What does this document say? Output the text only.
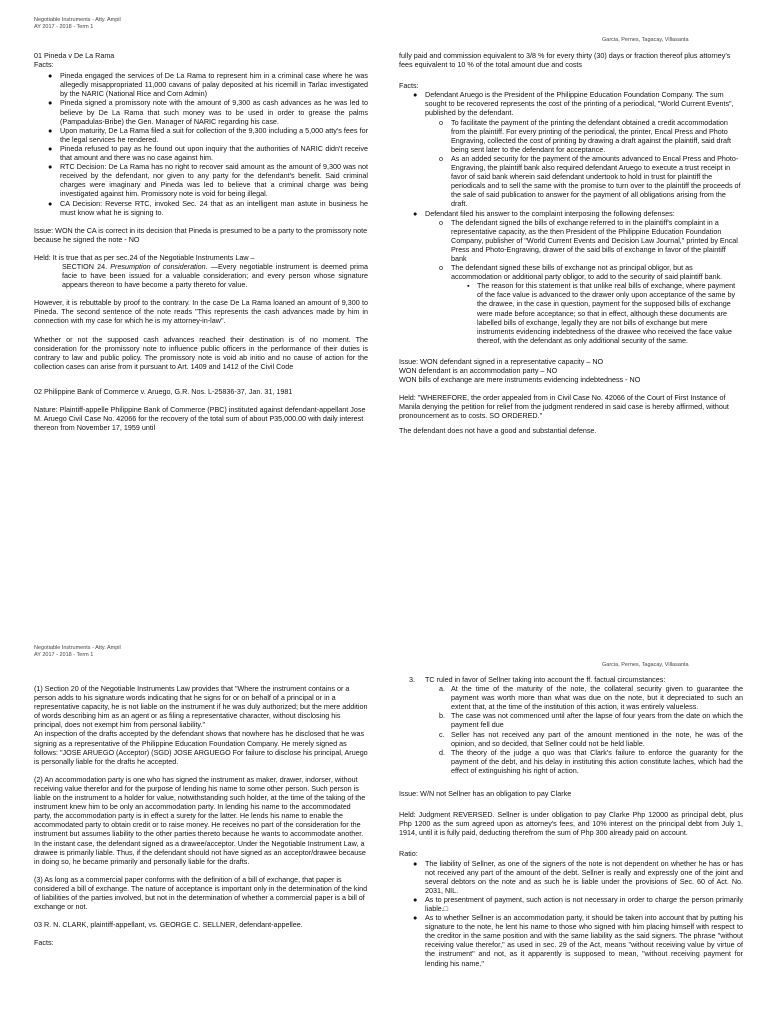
Negotiable Instruments - Atty. Ampil
AY 2017 - 2018 - Term 1
Garcia, Pernes, Tagacay, Villasanta

01 Pineda v De La Rama

Facts:

● Pineda engaged the services of De La Rama to represent him in a criminal case where he was allegedly misappropriated 11,000 cavans of palay deposited at his ricemill in Tarlac investigated by the NARIC (National Rice and Corn Admin)
● Pineda signed a promissory note with the amount of 9,300 as cash advances as he was led to believe by De La Rama that such money was to be used in order to grease the palms (Pampadulas-Bribe) the Gen. Manager of NARIC regarding his case.
● Upon maturity, De La Rama filed a suit for collection of the 9,300 including a 5,000 atty's fees for the legal services he rendered.
● Pineda refused to pay as he found out upon inquiry that the authorities of NARIC didn't receive that amount and there was no case against him.
● RTC Decision: De La Rama has no right to recover said amount as the amount of 9,300 was not received by the defendant, nor given to any party for the defendant's benefit. Said criminal charges were imaginary and Pineda was led to believe that a criminal charge was being investigated against him. Promissory note is void for being illegal.
● CA Decision: Reverse RTC, invoked Sec. 24 that as an intelligent man astute in business he must know what he is signing to.

Issue: WON the CA is correct in its decision that Pineda is presumed to be a party to the promissory note because he signed the note - NO

Held: It is true that as per sec.24 of the Negotiable Instruments Law –

SECTION 24. Presumption of consideration. —Every negotiable instrument is deemed prima facie to have been issued for a valuable consideration; and every person whose signature appears thereon to have become a party thereto for value.

However, it is rebuttable by proof to the contrary. In the case De La Rama loaned an amount of 9,300 to Pineda. The second sentence of the note reads "This represents the cash advances made by him in connection with my case for which he is my attorney-in-law".

Whether or not the supposed cash advances reached their destination is of no moment. The consideration for the promissory note to influence public officers in the performance of their duties is contrary to law and public policy. The promissory note is void ab initio and no cause of action for the collection cases can arise from it pursuant to Art. 1409 and 1412 of the Civil Code

02 Philippine Bank of Commerce v. Aruego, G.R. Nos. L-25836-37, Jan. 31, 1981

Nature: Plaintiff-appelle Philippine Bank of Commerce (PBC) instituted against defendant-appellant Jose M. Aruego Civil Case No. 42066 for the recovery of the total sum of about P35,000.00 with daily interest thereon from November 17, 1959 until

fully paid and commission equivalent to 3/8 % for every thirty (30) days or fraction thereof plus attorney's fees equivalent to 10 % of the total amount due and costs

Facts:

● Defendant Aruego is the President of the Philippine Education Foundation Company. The sum sought to be recovered represents the cost of the printing of a periodical, "World Current Events", published by the defendant.
o To facilitate the payment of the printing the defendant obtained a credit accommodation from the plaintiff. For every printing of the periodical, the printer, Encal Press and Photo Engraving, collected the cost of printing by drawing a draft against the plaintiff, said draft being sent later to the defendant for acceptance.
o As an added security for the payment of the amounts advanced to Encal Press and Photo-Engraving, the plaintiff bank also required defendant Aruego to execute a trust receipt in favor of said bank wherein said defendant undertook to hold in trust for plaintiff the periodicals and to sell the same with the promise to turn over to the plaintiff the proceeds of the sale of said publication to answer for the payment of all obligations arising from the draft.
● Defendant filed his answer to the complaint interposing the following defenses:
o The defendant signed the bills of exchange referred to in the plaintiff's complaint in a representative capacity, as the then President of the Philippine Education Foundation Company, publisher of "World Current Events and Decision Law Journal," printed by Encal Press and Photo-Engraving, drawer of the said bills of exchange in favor of the plaintiff bank
o The defendant signed these bills of exchange not as principal obligor, but as accommodation or additional party obligor, to add to the security of said plaintiff bank.
▪ The reason for this statement is that unlike real bills of exchange, where payment of the face value is advanced to the drawer only upon acceptance of the same by the drawee, in the case in question, payment for the supposed bills of exchange were made before acceptance; so that in effect, although these documents are labelled bills of exchange, legally they are not bills of exchange but mere instruments evidencing indebtedness of the drawee who received the face value thereof, with the defendant as only additional security of the same.

Issue: WON defendant signed in a representative capacity – NO

WON defendant is an accommodation party – NO

WON bills of exchange are mere instruments evidencing indebtedness - NO

Held: "WHEREFORE, the order appealed from in Civil Case No. 42066 of the Court of First Instance of Manila denying the petition for relief from the judgment rendered in said case is hereby affirmed, without pronouncement as to costs. SO ORDERED."

The defendant does not have a good and substantial defense.

Negotiable Instruments - Atty. Ampil
AY 2017 - 2018 - Term 1
Garcia, Pernes, Tagacay, Villasanta

(1) Section 20 of the Negotiable Instruments Law provides that "Where the instrument contains or a person adds to his signature words indicating that he signs for or on behalf of a principal or in a representative capacity, he is not liable on the instrument if he was duly authorized; but the mere addition of words describing him as an agent or as filing a representative character, without disclosing his principal, does not exempt him from personal liability."

An inspection of the drafts accepted by the defendant shows that nowhere has he disclosed that he was signing as a representative of the Philippine Education Foundation Company. He merely signed as follows: "JOSE ARUEGO (Acceptor) (SGD) JOSE ARGUEGO For failure to disclose his principal, Aruego is personally liable for the drafts he accepted.

(2) An accommodation party is one who has signed the instrument as maker, drawer, indorser, without receiving value therefor and for the purpose of lending his name to some other person. Such person is liable on the instrument to a holder for value, notwithstanding such holder, at the time of the taking of the instrument knew him to be only an accommodation party. In lending his name to the accommodated party, the accommodation party is in effect a surety for the latter. He lends his name to enable the accommodated party to obtain credit or to raise money. He receives no part of the consideration for the instrument but assumes liability to the other parties thereto because he wants to accommodate another. In the instant case, the defendant signed as a drawee/acceptor. Under the Negotiable Instrument Law, a drawee is primarily liable. Thus, if the defendant should not have signed as an acceptor/drawee because in doing so, he became primarily and personally liable for the drafts.

(3) As long as a commercial paper conforms with the definition of a bill of exchange, that paper is considered a bill of exchange. The nature of acceptance is important only in the determination of the kind of liabilities of the parties involved, but not in the determination of whether a commercial paper is a bill of exchange or not.

03 R. N. CLARK, plaintiff-appellant, vs. GEORGE C. SELLNER, defendant-appellee.

Facts:

3. TC ruled in favor of Sellner taking into account the ff. factual circumstances:
a. At the time of the maturity of the note, the collateral security given to guarantee the payment was worth more than what was due on the note, but it depreciated to such an extent that, at the time of the institution of this action, it was entirely valueless.
b. The case was not commenced until after the lapse of four years from the date on which the payment fell due
c. Seller has not received any part of the amount mentioned in the note, he was of the opinion, and so decided, that Sellner could not be held liable.
d. The theory of the judge a quo was that Clark's failure to enforce the guaranty for the payment of the debt, and his delay in instituting this action constitute laches, which had the effect of extinguishing his right of action.

Issue: W/N not Sellner has an obligation to pay Clarke

Held: Judgment REVERSED. Sellner is under obligation to pay Clarke Php 12000 as principal debt, plus Php 1200 as the sum agreed upon as attorney's fees, and 10% interest on the principal debt from July 1, 1914, until it is fully paid, deducting therefrom the sum of Php 300 already paid on account.

Ratio:

● The liability of Sellner, as one of the signers of the note is not dependent on whether he has or has not received any part of the amount of the debt. Sellner is really and expressly one of the joint and several debtors on the note and as such he is liable under the provisions of Sec. 60 of Act. No. 2031, NIL.
● As to presentment of payment, such action is not necessary in order to charge the person primarily liable.□
● As to whether Sellner is an accommodation party, it should be taken into account that by putting his signature to the note, he lent his name to those who signed with him placing himself with respect to the creditor in the same position and with the same liability as the said signers. The phrase "without receiving value therefor," as used in sec. 29 of the Act, means "without receiving value by virtue of the instrument" and not, as it apparently is supposed to mean, "without receiving payment for lending his name."
